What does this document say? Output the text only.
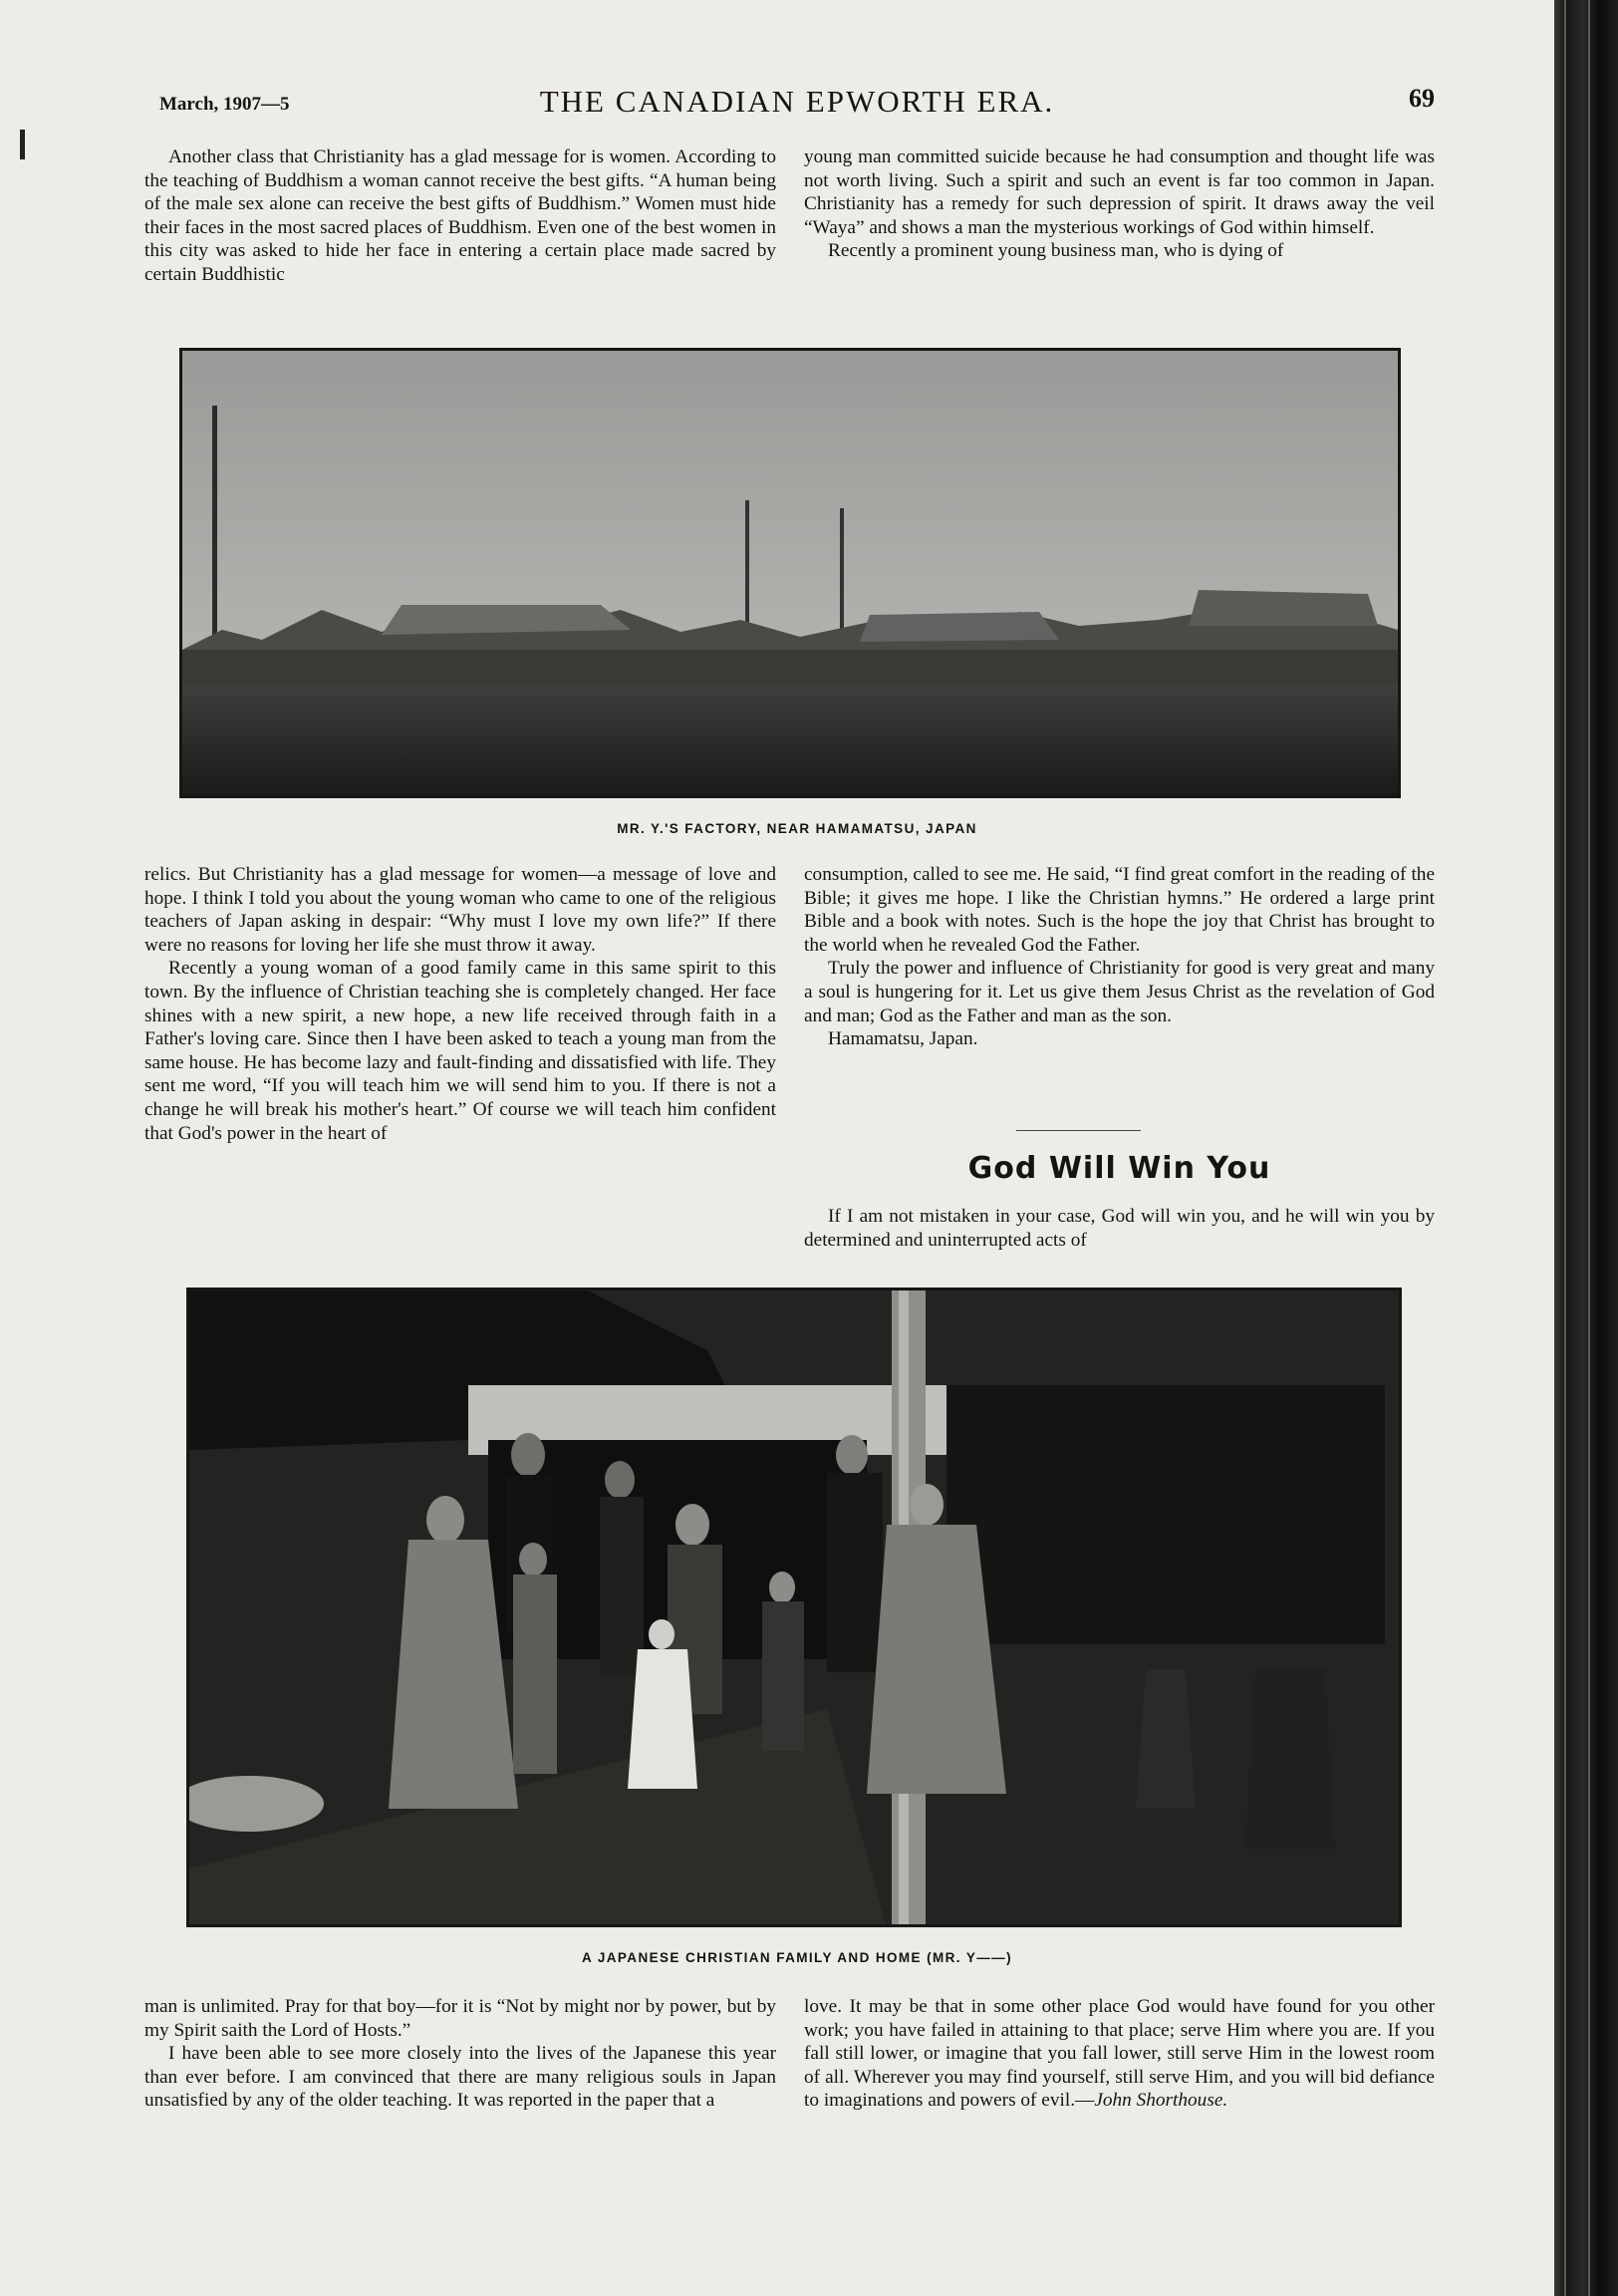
March, 1907—5	THE CANADIAN EPWORTH ERA.	69

Another class that Christianity has a glad message for is women. According to the teaching of Buddhism a woman cannot receive the best gifts. “A human being of the male sex alone can receive the best gifts of Buddhism.” Women must hide their faces in the most sacred places of Buddhism. Even one of the best women in this city was asked to hide her face in entering a certain place made sacred by certain Buddhistic

young man committed suicide because he had consumption and thought life was not worth living. Such a spirit and such an event is far too common in Japan. Christianity has a remedy for such depression of spirit. It draws away the veil “Waya” and shows a man the mysterious workings of God within himself.

Recently a prominent young business man, who is dying of

MR. Y.'S FACTORY, NEAR HAMAMATSU, JAPAN

relics. But Christianity has a glad message for women—a message of love and hope. I think I told you about the young woman who came to one of the religious teachers of Japan asking in despair: “Why must I love my own life?” If there were no reasons for loving her life she must throw it away.

Recently a young woman of a good family came in this same spirit to this town. By the influence of Christian teaching she is completely changed. Her face shines with a new spirit, a new hope, a new life received through faith in a Father's loving care. Since then I have been asked to teach a young man from the same house. He has become lazy and fault-finding and dissatisfied with life. They sent me word, “If you will teach him we will send him to you. If there is not a change he will break his mother's heart.” Of course we will teach him confident that God's power in the heart of

consumption, called to see me. He said, “I find great comfort in the reading of the Bible; it gives me hope. I like the Christian hymns.” He ordered a large print Bible and a book with notes. Such is the hope the joy that Christ has brought to the world when he revealed God the Father.

Truly the power and influence of Christianity for good is very great and many a soul is hungering for it. Let us give them Jesus Christ as the revelation of God and man; God as the Father and man as the son.

Hamamatsu, Japan.

God Will Win You

If I am not mistaken in your case, God will win you, and he will win you by determined and uninterrupted acts of

A JAPANESE CHRISTIAN FAMILY AND HOME (MR. Y——)

man is unlimited. Pray for that boy—for it is “Not by might nor by power, but by my Spirit saith the Lord of Hosts.”

I have been able to see more closely into the lives of the Japanese this year than ever before. I am convinced that there are many religious souls in Japan unsatisfied by any of the older teaching. It was reported in the paper that a

love. It may be that in some other place God would have found for you other work; you have failed in attaining to that place; serve Him where you are. If you fall still lower, or imagine that you fall lower, still serve Him in the lowest room of all. Wherever you may find yourself, still serve Him, and you will bid defiance to imaginations and powers of evil.—John Shorthouse.
